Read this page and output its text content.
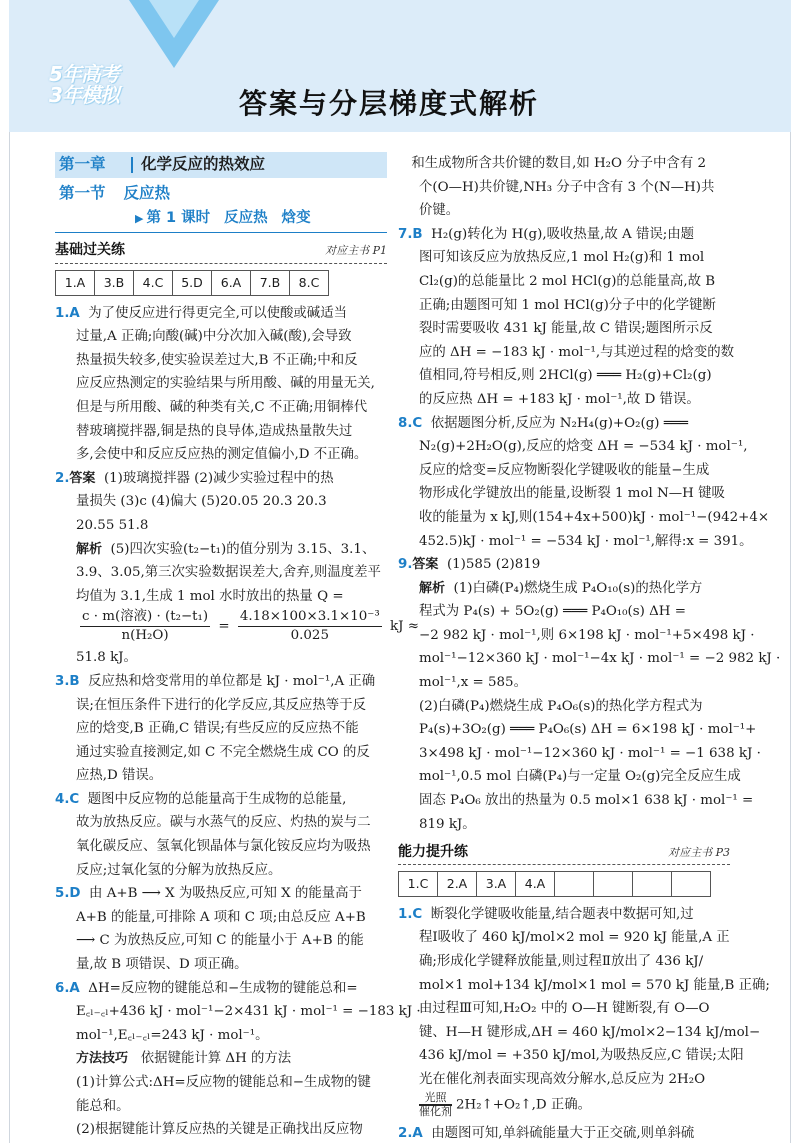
5年高考
3年模拟	答案与分层梯度式解析
第一章	化学反应的热效应
第一节 反应热
▶ 第 1 课时 反应热 焓变
基础过关练	对应主书 P1
1.A	3.B	4.C	5.D	6.A	7.B	8.C
1.A 为了使反应进行得更完全,可以使酸或碱适当
过量,A 正确;向酸(碱)中分次加入碱(酸),会导致
热量损失较多,使实验误差过大,B 不正确;中和反
应反应热测定的实验结果与所用酸、碱的用量无关,
但是与所用酸、碱的种类有关,C 不正确;用铜棒代
替玻璃搅拌器,铜是热的良导体,造成热量散失过
多,会使中和反应反应热的测定值偏小,D 不正确。
2.答案 (1)玻璃搅拌器 (2)减少实验过程中的热
量损失 (3)c (4)偏大 (5)20.05 20.3 20.3
20.55 51.8
解析 (5)四次实验(t₂−t₁)的值分别为 3.15、3.1、
3.9、3.05,第三次实验数据误差大,舍弃,则温度差平
均值为 3.1,生成 1 mol 水时放出的热量 Q =
$\frac{\text{c · m(溶液) · (t₂−t₁)}}{\text{n(H₂O)}} = \frac{\text{4.18×100×3.1×10⁻³}}{0.025}$ kJ ≈
51.8 kJ。
3.B 反应热和焓变常用的单位都是 kJ · mol⁻¹,A 正确
误;在恒压条件下进行的化学反应,其反应热等于反
应的焓变,B 正确,C 错误;有些反应的反应热不能
通过实验直接测定,如 C 不完全燃烧生成 CO 的反
应热,D 错误。
4.C 题图中反应物的总能量高于生成物的总能量,
故为放热反应。碳与水蒸气的反应、灼热的炭与二
氧化碳反应、氢氧化钡晶体与氯化铵反应均为吸热
反应;过氧化氢的分解为放热反应。
5.D 由 A+B ⟶ X 为吸热反应,可知 X 的能量高于
A+B 的能量,可排除 A 项和 C 项;由总反应 A+B
⟶ C 为放热反应,可知 C 的能量小于 A+B 的能
量,故 B 项错误、D 项正确。
6.A ΔH=反应物的键能总和−生成物的键能总和=
E꜀ₗ₋꜀ₗ+436 kJ · mol⁻¹−2×431 kJ · mol⁻¹ = −183 kJ ·
mol⁻¹,E꜀ₗ₋꜀ₗ=243 kJ · mol⁻¹。
方法技巧 依据键能计算 ΔH 的方法
(1)计算公式:ΔH=反应物的键能总和−生成物的键
能总和。
(2)根据键能计算反应热的关键是正确找出反应物
和生成物所含共价键的数目,如 H₂O 分子中含有 2
个(O—H)共价键,NH₃ 分子中含有 3 个(N—H)共
价键。
7.B H₂(g)转化为 H(g),吸收热量,故 A 错误;由题
图可知该反应为放热反应,1 mol H₂(g)和 1 mol
Cl₂(g)的总能量比 2 mol HCl(g)的总能量高,故 B
正确;由题图可知 1 mol HCl(g)分子中的化学键断
裂时需要吸收 431 kJ 能量,故 C 错误;题图所示反
应的 ΔH = −183 kJ · mol⁻¹,与其逆过程的焓变的数
值相同,符号相反,则 2HCl(g) ═══ H₂(g)+Cl₂(g)
的反应热 ΔH = +183 kJ · mol⁻¹,故 D 错误。
8.C 依据题图分析,反应为 N₂H₄(g)+O₂(g) ═══
N₂(g)+2H₂O(g),反应的焓变 ΔH = −534 kJ · mol⁻¹,
反应的焓变=反应物断裂化学键吸收的能量−生成
物形成化学键放出的能量,设断裂 1 mol N—H 键吸
收的能量为 x kJ,则(154+4x+500)kJ · mol⁻¹−(942+4×
452.5)kJ · mol⁻¹ = −534 kJ · mol⁻¹,解得:x = 391。
9.答案 (1)585 (2)819
解析 (1)白磷(P₄)燃烧生成 P₄O₁₀(s)的热化学方
程式为 P₄(s) + 5O₂(g) ═══ P₄O₁₀(s) ΔH =
−2 982 kJ · mol⁻¹,则 6×198 kJ · mol⁻¹+5×498 kJ ·
mol⁻¹−12×360 kJ · mol⁻¹−4x kJ · mol⁻¹ = −2 982 kJ ·
mol⁻¹,x = 585。
(2)白磷(P₄)燃烧生成 P₄O₆(s)的热化学方程式为
P₄(s)+3O₂(g) ═══ P₄O₆(s) ΔH = 6×198 kJ · mol⁻¹+
3×498 kJ · mol⁻¹−12×360 kJ · mol⁻¹ = −1 638 kJ ·
mol⁻¹,0.5 mol 白磷(P₄)与一定量 O₂(g)完全反应生成
固态 P₄O₆ 放出的热量为 0.5 mol×1 638 kJ · mol⁻¹ =
819 kJ。
能力提升练	对应主书 P3
1.C	2.A	3.A	4.A				
1.C 断裂化学键吸收能量,结合题表中数据可知,过
程Ⅰ吸收了 460 kJ/mol×2 mol = 920 kJ 能量,A 正
确;形成化学键释放能量,则过程Ⅱ放出了 436 kJ/
mol×1 mol+134 kJ/mol×1 mol = 570 kJ 能量,B 正确;
由过程Ⅲ可知,H₂O₂ 中的 O—H 键断裂,有 O—O
键、H—H 键形成,ΔH = 460 kJ/mol×2−134 kJ/mol−
436 kJ/mol = +350 kJ/mol,为吸热反应,C 错误;太阳
光在催化剂表面实现高效分解水,总反应为 2H₂O
光照
催化剂 2H₂↑+O₂↑,D 正确。
2.A 由题图可知,单斜硫能量大于正交硫,则单斜硫
